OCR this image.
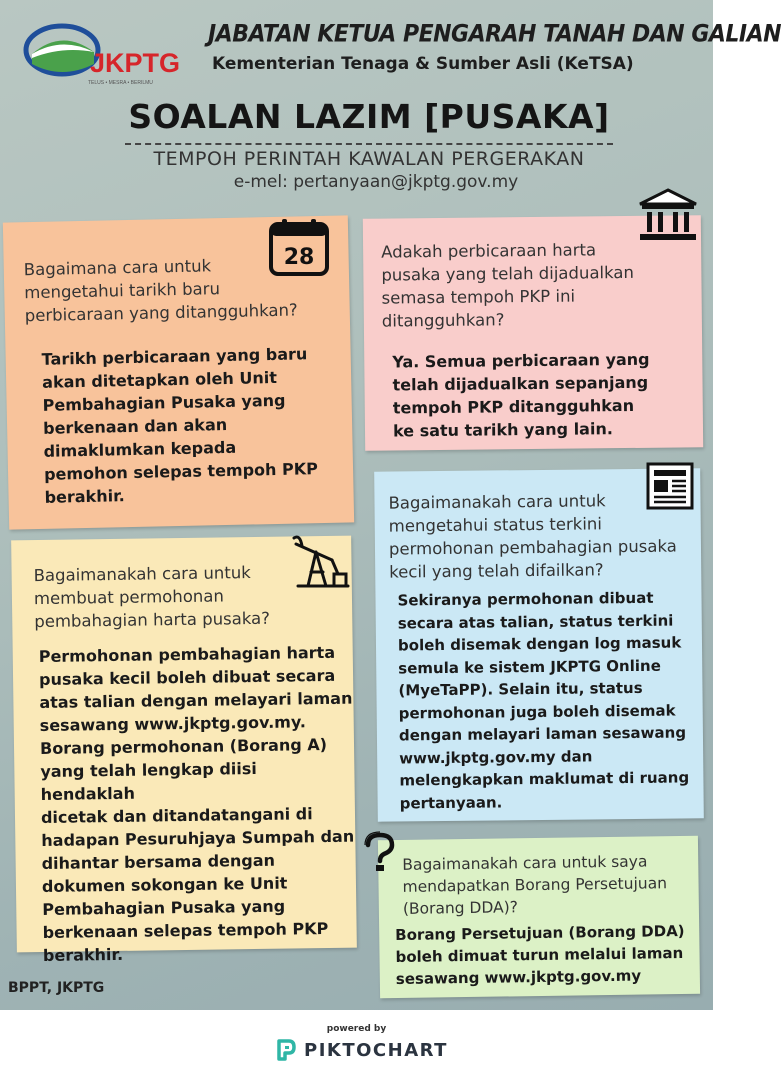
JKPTG
TELUS • MESRA • BERILMU
JABATAN KETUA PENGARAH TANAH DAN GALIAN
Kementerian Tenaga & Sumber Asli (KeTSA)
SOALAN LAZIM [PUSAKA]
TEMPOH PERINTAH KAWALAN PERGERAKAN
e-mel: pertanyaan@jkptg.gov.my
Bagaimana cara untuk
mengetahui tarikh baru
perbicaraan yang ditangguhkan?
Tarikh perbicaraan yang baru
akan ditetapkan oleh Unit
Pembahagian Pusaka yang
berkenaan dan akan
dimaklumkan kepada
pemohon selepas tempoh PKP
berakhir.
28	Adakah perbicaraan harta
pusaka yang telah dijadualkan
semasa tempoh PKP ini
ditangguhkan?
Ya. Semua perbicaraan yang
telah dijadualkan sepanjang
tempoh PKP ditangguhkan
ke satu tarikh yang lain.
Bagaimanakah cara untuk
membuat permohonan
pembahagian harta pusaka?
Permohonan pembahagian harta
pusaka kecil boleh dibuat secara
atas talian dengan melayari laman
sesawang www.jkptg.gov.my.
Borang permohonan (Borang A)
yang telah lengkap diisi hendaklah
dicetak dan ditandatangani di
hadapan Pesuruhjaya Sumpah dan
dihantar bersama dengan
dokumen sokongan ke Unit
Pembahagian Pusaka yang
berkenaan selepas tempoh PKP
berakhir.
Bagaimanakah cara untuk
mengetahui status terkini
permohonan pembahagian pusaka
kecil yang telah difailkan?
Sekiranya permohonan dibuat
secara atas talian, status terkini
boleh disemak dengan log masuk
semula ke sistem JKPTG Online
(MyeTaPP). Selain itu, status
permohonan juga boleh disemak
dengan melayari laman sesawang
www.jkptg.gov.my dan
melengkapkan maklumat di ruang
pertanyaan.
Bagaimanakah cara untuk saya
mendapatkan Borang Persetujuan
(Borang DDA)?
Borang Persetujuan (Borang DDA)
boleh dimuat turun melalui laman
sesawang www.jkptg.gov.my
BPPT, JKPTG
powered by
PIKTOCHART
